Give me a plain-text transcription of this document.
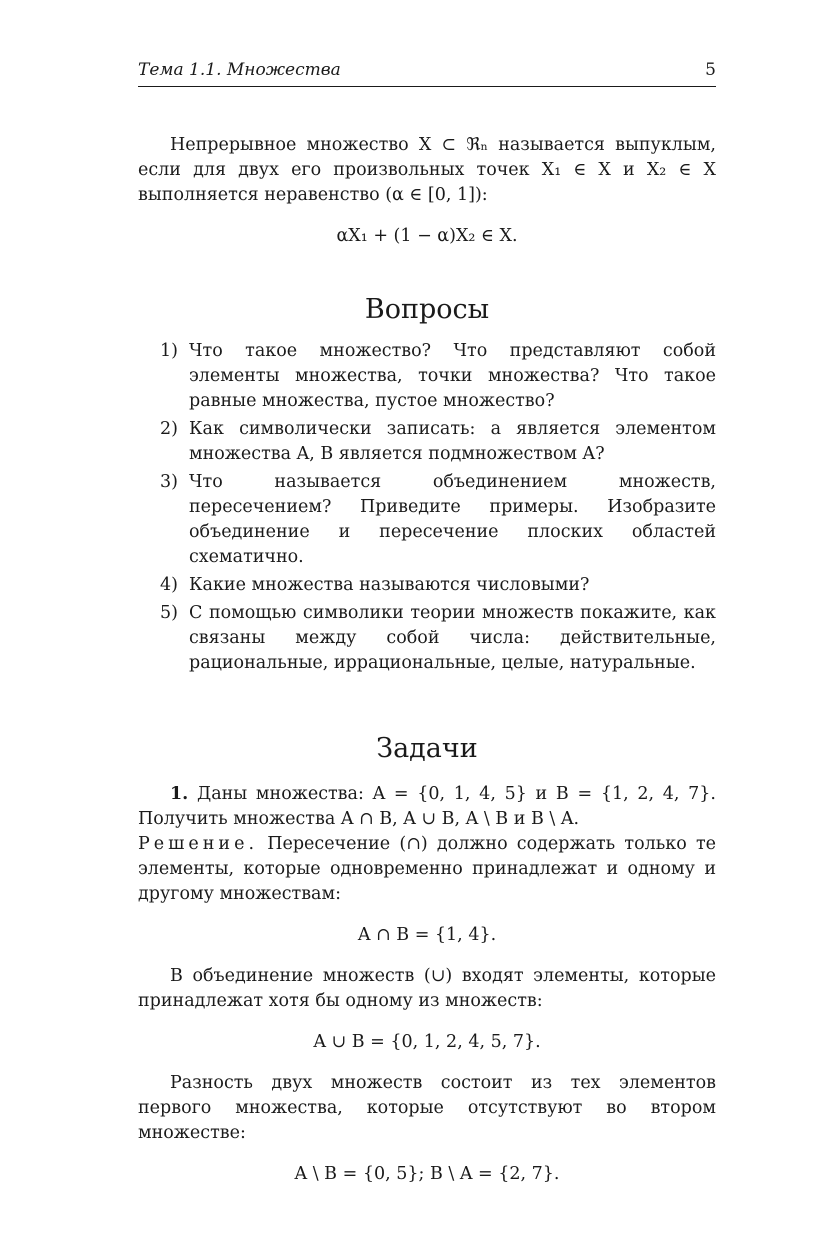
Тема 1.1. Множества	5

Непрерывное множество X ⊂ ℜₙ называется выпуклым, если для двух его произвольных точек X₁ ∈ X и X₂ ∈ X выполняется неравенство (α ∈ [0, 1]):

αX₁ + (1 − α)X₂ ∈ X.
Вопросы
1) Что такое множество? Что представляют собой элементы множества, точки множества? Что такое равные множества, пустое множество?
2) Как символически записать: a является элементом множества A, B является подмножеством A?
3) Что называется объединением множеств, пересечением? Приведите примеры. Изобразите объединение и пересечение плоских областей схематично.
4) Какие множества называются числовыми?
5) С помощью символики теории множеств покажите, как связаны между собой числа: действительные, рациональные, иррациональные, целые, натуральные.
Задачи

1. Даны множества: A = {0, 1, 4, 5} и B = {1, 2, 4, 7}. Получить множества A ∩ B, A ∪ B, A \ B и B \ A.

Решение. Пересечение (∩) должно содержать только те элементы, которые одновременно принадлежат и одному и другому множествам:

A ∩ B = {1, 4}.

В объединение множеств (∪) входят элементы, которые принадлежат хотя бы одному из множеств:

A ∪ B = {0, 1, 2, 4, 5, 7}.

Разность двух множеств состоит из тех элементов первого множества, которые отсутствуют во втором множестве:

A \ B = {0, 5}; B \ A = {2, 7}.
